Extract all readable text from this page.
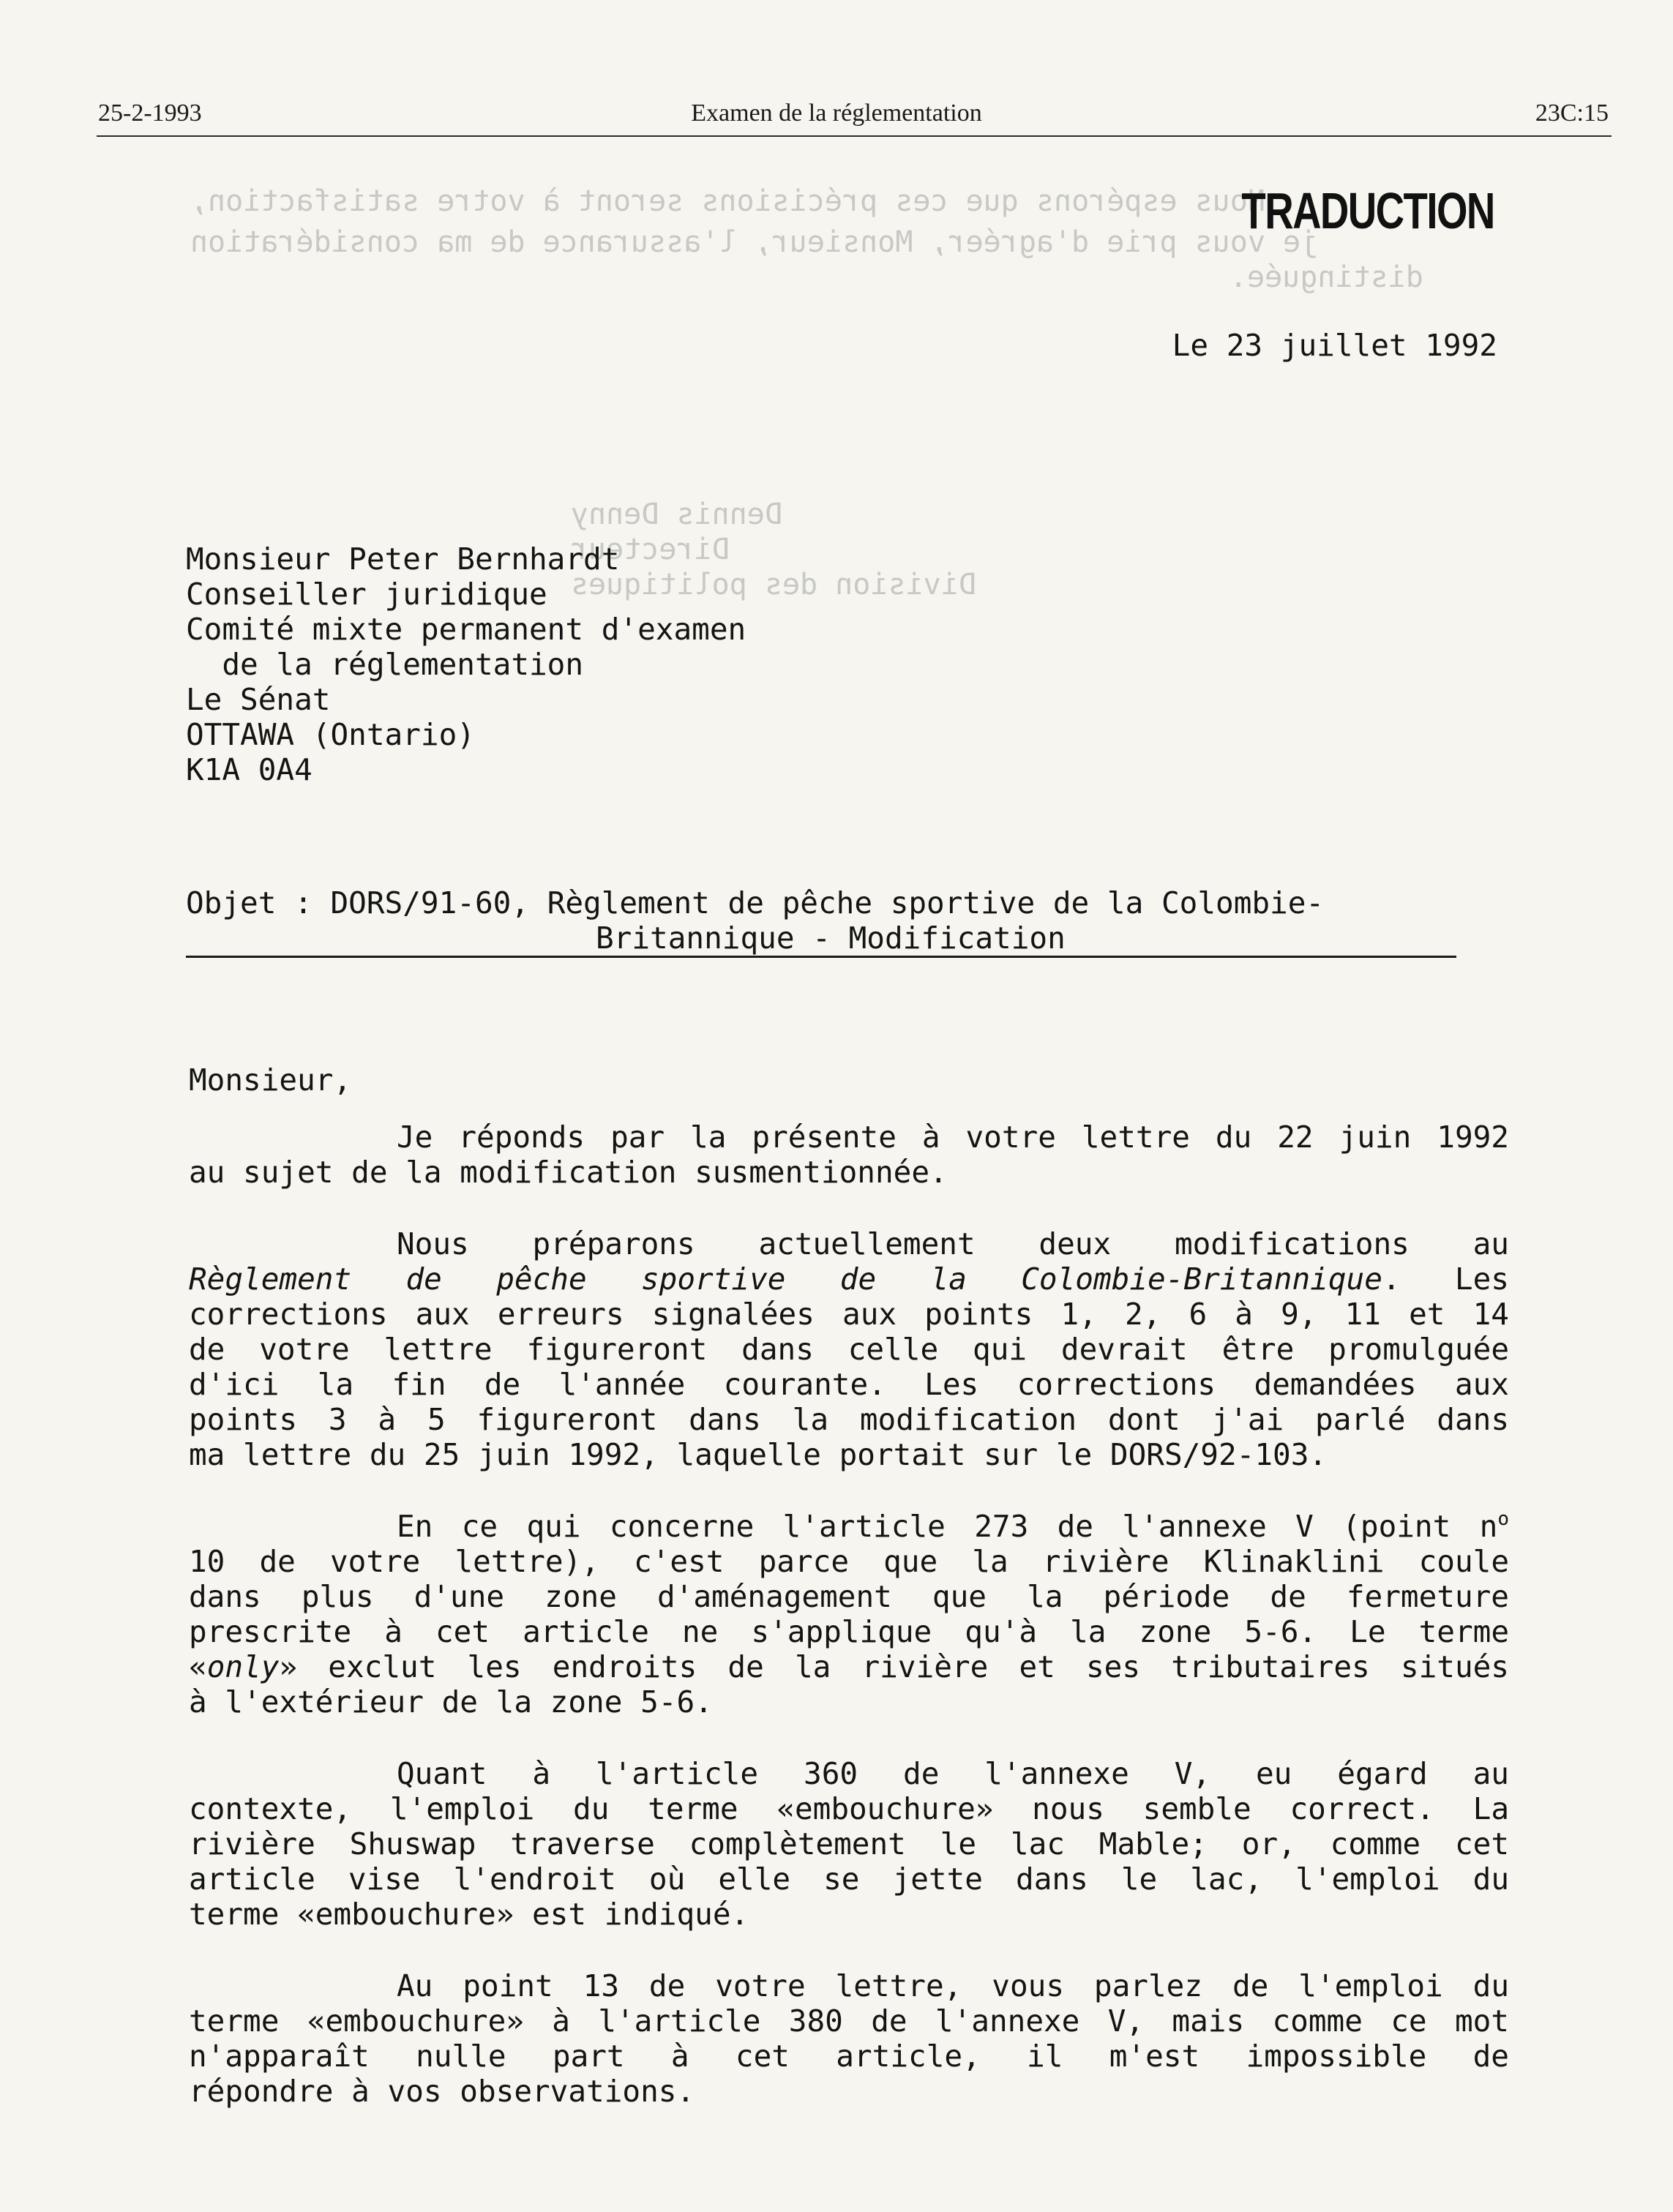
Nous espérons que ces précisions seront à votre satisfaction,
je vous prie d'agréer, Monsieur, l'assurance de ma considération
distinguée.
Dennis Denny
Directeur
Division des politiques
25-2-1993	Examen de la réglementation	23C:15
TRADUCTION
Le 23 juillet 1992
Monsieur Peter Bernhardt
Conseiller juridique
Comité mixte permanent d'examen
de la réglementation
Le Sénat
OTTAWA (Ontario)
K1A 0A4
Objet : DORS/91-60, Règlement de pêche sportive de la Colombie-
Britannique - Modification
Monsieur,
Je réponds par la présente à votre lettre du 22 juin 1992
au sujet de la modification susmentionnée.
Nous préparons actuellement deux modifications au
Règlement de pêche sportive de la Colombie-Britannique. Les
corrections aux erreurs signalées aux points 1, 2, 6 à 9, 11 et 14
de votre lettre figureront dans celle qui devrait être promulguée
d'ici la fin de l'année courante. Les corrections demandées aux
points 3 à 5 figureront dans la modification dont j'ai parlé dans
ma lettre du 25 juin 1992, laquelle portait sur le DORS/92-103.
En ce qui concerne l'article 273 de l'annexe V (point $n^o$
10 de votre lettre), c'est parce que la rivière Klinaklini coule
dans plus d'une zone d'aménagement que la période de fermeture
prescrite à cet article ne s'applique qu'à la zone 5-6. Le terme
«only» exclut les endroits de la rivière et ses tributaires situés
à l'extérieur de la zone 5-6.
Quant à l'article 360 de l'annexe V, eu égard au
contexte, l'emploi du terme «embouchure» nous semble correct. La
rivière Shuswap traverse complètement le lac Mable; or, comme cet
article vise l'endroit où elle se jette dans le lac, l'emploi du
terme «embouchure» est indiqué.
Au point 13 de votre lettre, vous parlez de l'emploi du
terme «embouchure» à l'article 380 de l'annexe V, mais comme ce mot
n'apparaît nulle part à cet article, il m'est impossible de
répondre à vos observations.
